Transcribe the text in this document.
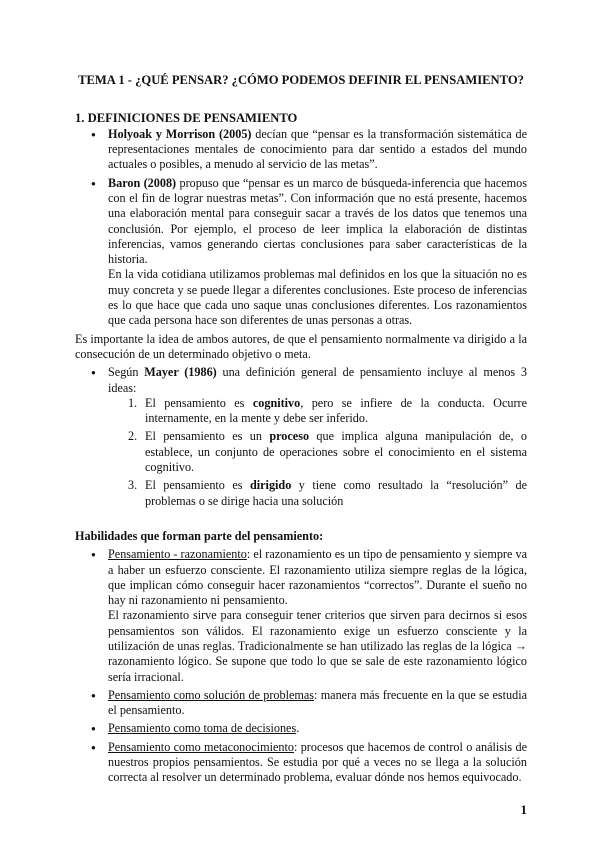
TEMA 1 - ¿QUÉ PENSAR? ¿CÓMO PODEMOS DEFINIR EL PENSAMIENTO?
1. DEFINICIONES DE PENSAMIENTO
● Holyoak y Morrison (2005) decían que “pensar es la transformación sistemática de representaciones mentales de conocimiento para dar sentido a estados del mundo actuales o posibles, a menudo al servicio de las metas”.
● Baron (2008) propuso que “pensar es un marco de búsqueda-inferencia que hacemos con el fin de lograr nuestras metas”. Con información que no está presente, hacemos una elaboración mental para conseguir sacar a través de los datos que tenemos una conclusión. Por ejemplo, el proceso de leer implica la elaboración de distintas inferencias, vamos generando ciertas conclusiones para saber características de la historia.
En la vida cotidiana utilizamos problemas mal definidos en los que la situación no es muy concreta y se puede llegar a diferentes conclusiones. Este proceso de inferencias es lo que hace que cada uno saque unas conclusiones diferentes. Los razonamientos que cada persona hace son diferentes de unas personas a otras.
Es importante la idea de ambos autores, de que el pensamiento normalmente va dirigido a la consecución de un determinado objetivo o meta.
● Según Mayer (1986) una definición general de pensamiento incluye al menos 3 ideas:
1. El pensamiento es cognitivo, pero se infiere de la conducta. Ocurre internamente, en la mente y debe ser inferido.
2. El pensamiento es un proceso que implica alguna manipulación de, o establece, un conjunto de operaciones sobre el conocimiento en el sistema cognitivo.
3. El pensamiento es dirigido y tiene como resultado la “resolución” de problemas o se dirige hacia una solución
Habilidades que forman parte del pensamiento:
● Pensamiento - razonamiento: el razonamiento es un tipo de pensamiento y siempre va a haber un esfuerzo consciente. El razonamiento utiliza siempre reglas de la lógica, que implican cómo conseguir hacer razonamientos “correctos”. Durante el sueño no hay ni razonamiento ni pensamiento.
El razonamiento sirve para conseguir tener criterios que sirven para decirnos si esos pensamientos son válidos. El razonamiento exige un esfuerzo consciente y la utilización de unas reglas. Tradicionalmente se han utilizado las reglas de la lógica → razonamiento lógico. Se supone que todo lo que se sale de este razonamiento lógico sería irracional.
● Pensamiento como solución de problemas: manera más frecuente en la que se estudia el pensamiento.
● Pensamiento como toma de decisiones.
● Pensamiento como metaconocimiento: procesos que hacemos de control o análisis de nuestros propios pensamientos. Se estudia por qué a veces no se llega a la solución correcta al resolver un determinado problema, evaluar dónde nos hemos equivocado.
1
